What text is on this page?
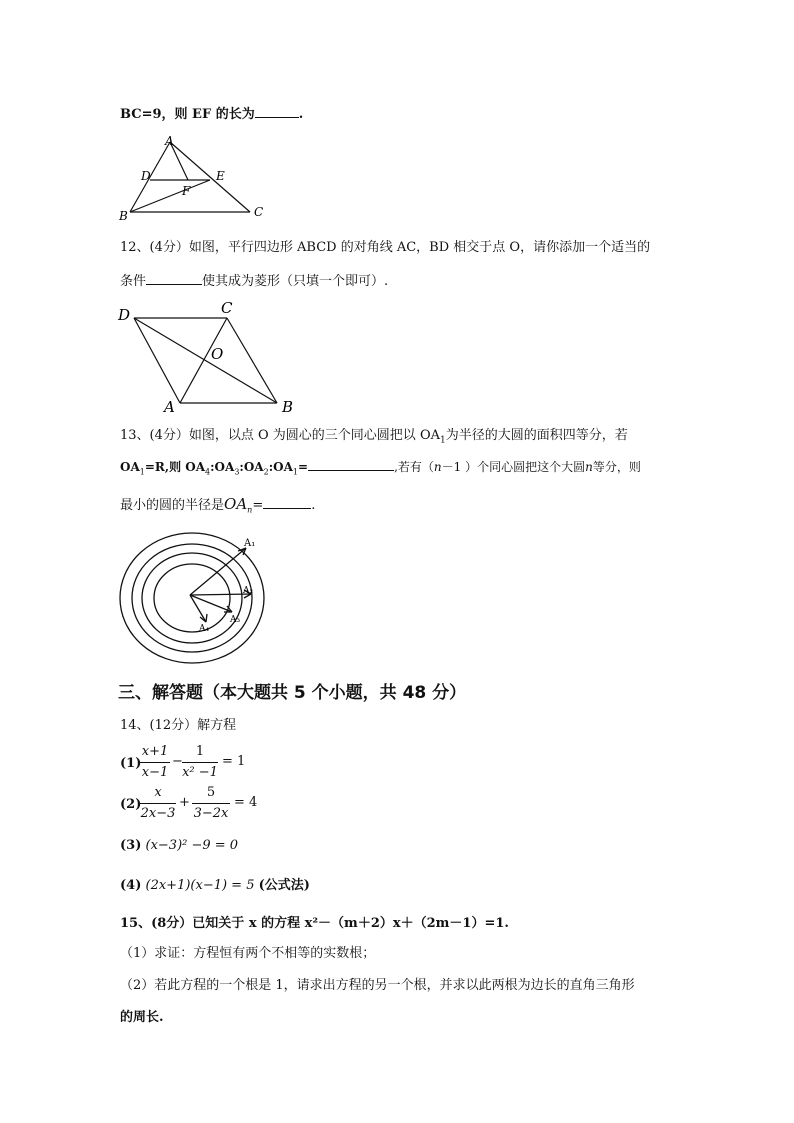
BC=9，则 EF 的长为	.
A
D	E
F
B	C
12、(4分）如图，平行四边形 ABCD 的对角线 AC，BD 相交于点 O，请你添加一个适当的
条件	使其成为菱形（只填一个即可）.
D	C
O
A	B
13、(4分）如图，以点 O 为圆心的三个同心圆把以 $OA_1$为半径的大圆的面积四等分，若
$OA_1=R$,则 $OA_4:OA_3:OA_2:OA_1=$	,若有（n－1 ）个同心圆把这个大圆n等分，则
最小的圆的半径是$OA_n=$	.
A₁
A₂
A₃
A₄
三、解答题（本大题共 5 个小题，共 48 分）
14、(12分）解方程
(1)
x+1
x−1
−
1
x² −1
= 1
(2)
x
2x−3
+
5
3−2x
= 4
(3) (x−3)² −9 = 0
(4) (2x+1)(x−1) = 5 (公式法)
15、(8分）已知关于 x 的方程 x²－（m＋2）x＋（2m－1）=1.
（1）求证：方程恒有两个不相等的实数根；
（2）若此方程的一个根是 1，请求出方程的另一个根，并求以此两根为边长的直角三角形
的周长.
